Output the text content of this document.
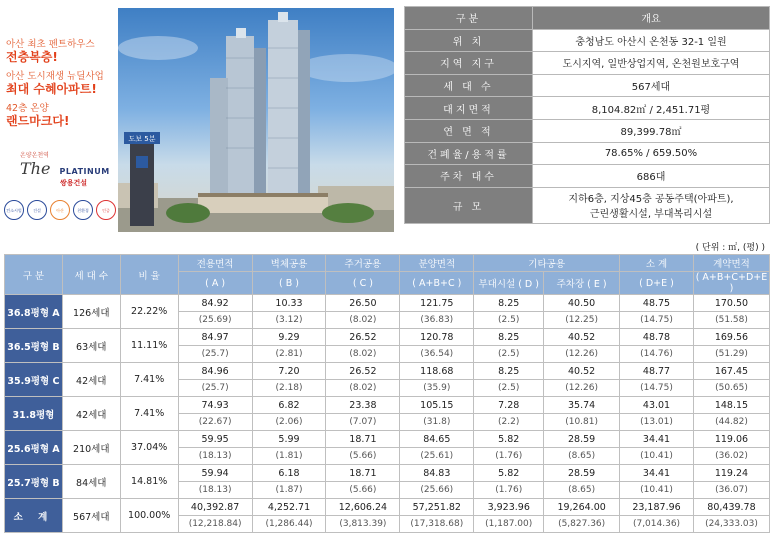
아산 최초 펜트하우스
전층복층!
아산 도시재생 뉴딜사업
최대 수혜아파트!
42층 온양
랜드마크다!
온양온천역
The PLATINUM
쌍용건설
컨소시엄	건설	아산	친환경	인증
도보 5분
구분	개요
위 치	충청남도 아산시 온천동 32-1 일원
지역 지구	도시지역, 일반상업지역, 온천원보호구역
세 대 수	567세대
대지면적	8,104.82㎡ / 2,451.71평
연 면 적	89,399.78㎡
건폐율/용적률	78.65% / 659.50%
주차 대수	686대
규 모	지하6층, 지상45층 공동주택(아파트),
근린생활시설, 부대복리시설
( 단위 : ㎡, (평) )
구 분	세 대 수	비 율	전용면적	벽체공용	주거공용	분양면적	기타공용		소 계	계약면적
			( A )	( B )	( C )	( A+B+C )	부대시설 ( D )	주차장 ( E )	( D+E )	( A+B+C+D+E )
36.8평형 A	126세대	22.22%	84.92	10.33	26.50	121.75	8.25	40.50	48.75	170.50
			(25.69)	(3.12)	(8.02)	(36.83)	(2.5)	(12.25)	(14.75)	(51.58)
36.5평형 B	63세대	11.11%	84.97	9.29	26.52	120.78	8.25	40.52	48.78	169.56
			(25.7)	(2.81)	(8.02)	(36.54)	(2.5)	(12.26)	(14.76)	(51.29)
35.9평형 C	42세대	7.41%	84.96	7.20	26.52	118.68	8.25	40.52	48.77	167.45
			(25.7)	(2.18)	(8.02)	(35.9)	(2.5)	(12.26)	(14.75)	(50.65)
31.8평형	42세대	7.41%	74.93	6.82	23.38	105.15	7.28	35.74	43.01	148.15
			(22.67)	(2.06)	(7.07)	(31.8)	(2.2)	(10.81)	(13.01)	(44.82)
25.6평형 A	210세대	37.04%	59.95	5.99	18.71	84.65	5.82	28.59	34.41	119.06
			(18.13)	(1.81)	(5.66)	(25.61)	(1.76)	(8.65)	(10.41)	(36.02)
25.7평형 B	84세대	14.81%	59.94	6.18	18.71	84.83	5.82	28.59	34.41	119.24
			(18.13)	(1.87)	(5.66)	(25.66)	(1.76)	(8.65)	(10.41)	(36.07)
소 계	567세대	100.00%	40,392.87	4,252.71	12,606.24	57,251.82	3,923.96	19,264.00	23,187.96	80,439.78
			(12,218.84)	(1,286.44)	(3,813.39)	(17,318.68)	(1,187.00)	(5,827.36)	(7,014.36)	(24,333.03)
